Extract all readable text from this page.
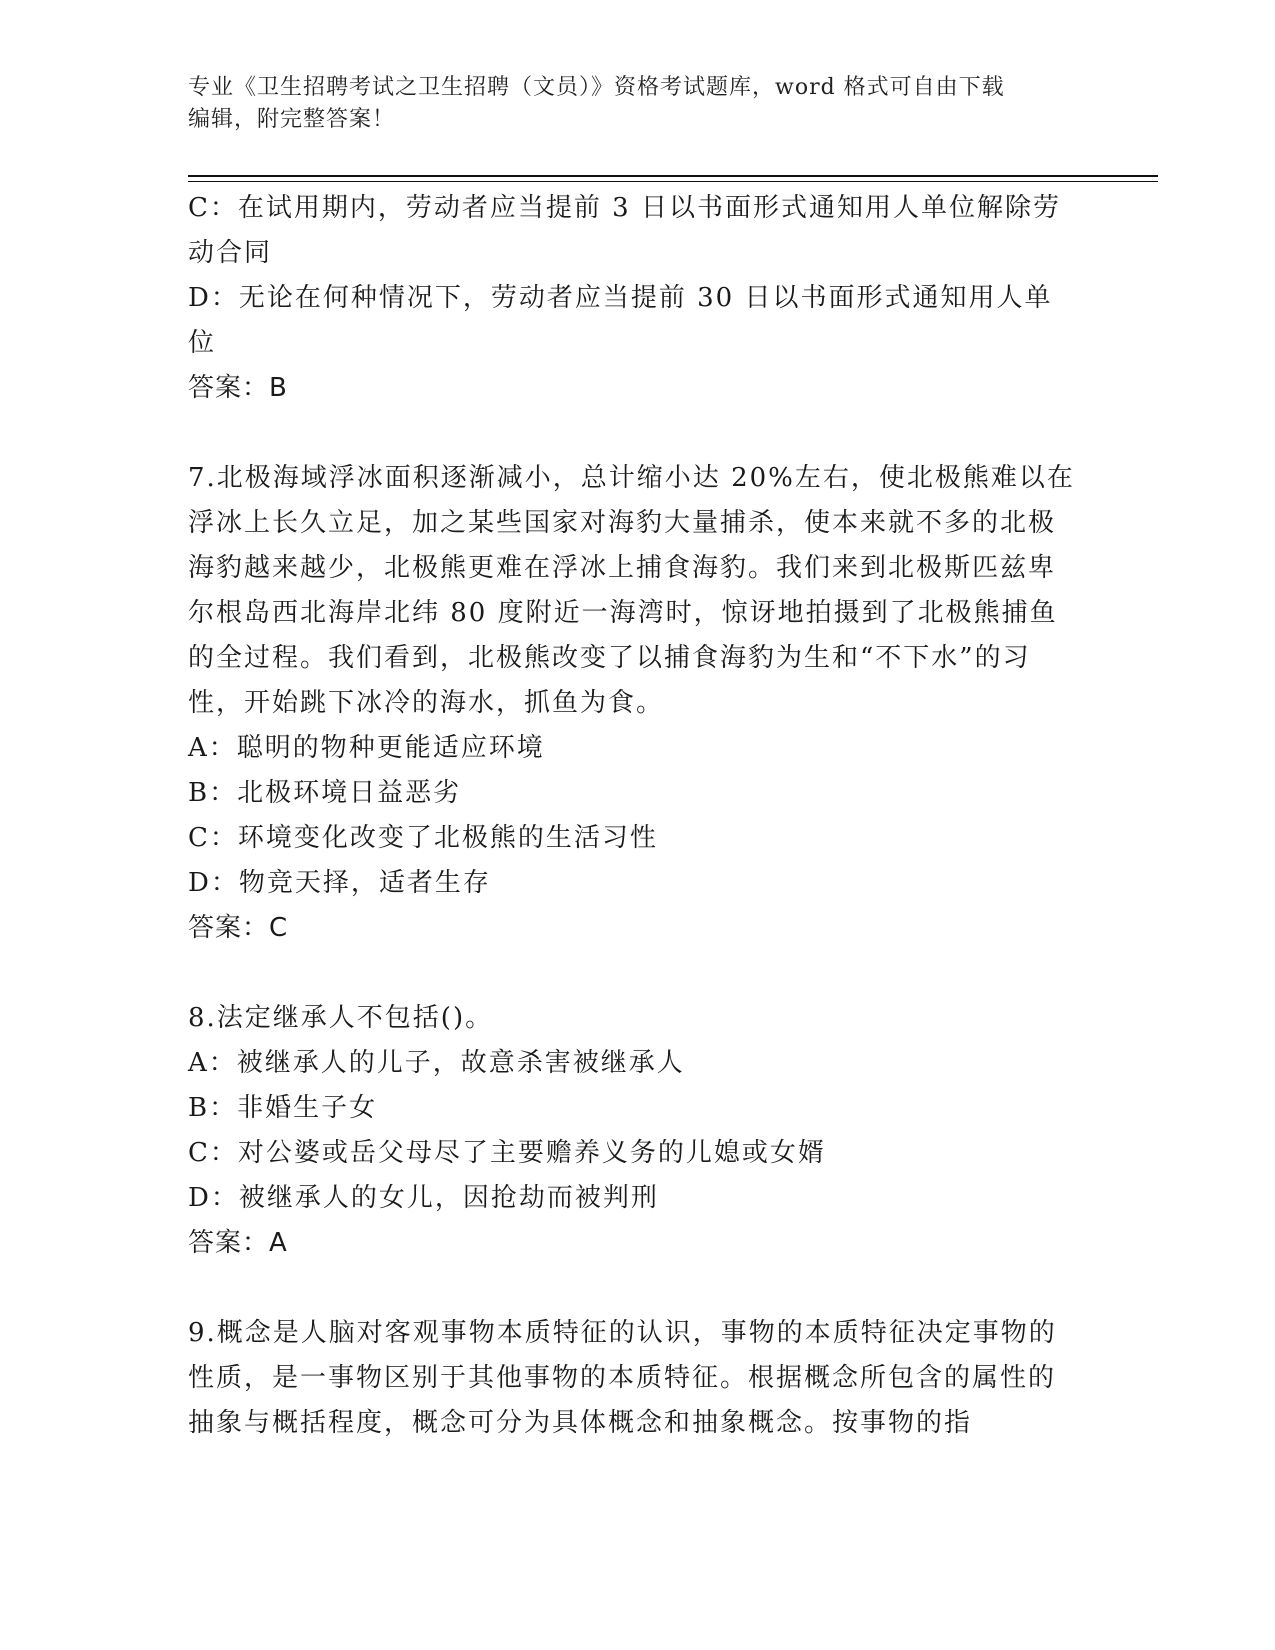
专业《卫生招聘考试之卫生招聘（文员）》资格考试题库，word 格式可自由下载
编辑，附完整答案！

C：在试用期内，劳动者应当提前 3 日以书面形式通知用人单位解除劳动合同

D：无论在何种情况下，劳动者应当提前 30 日以书面形式通知用人单位

答案：B

7.北极海域浮冰面积逐渐减小，总计缩小达 20%左右，使北极熊难以在浮冰上长久立足，加之某些国家对海豹大量捕杀，使本来就不多的北极海豹越来越少，北极熊更难在浮冰上捕食海豹。我们来到北极斯匹兹卑尔根岛西北海岸北纬 80 度附近一海湾时，惊讶地拍摄到了北极熊捕鱼的全过程。我们看到，北极熊改变了以捕食海豹为生和“不下水”的习性，开始跳下冰冷的海水，抓鱼为食。

A：聪明的物种更能适应环境

B：北极环境日益恶劣

C：环境变化改变了北极熊的生活习性

D：物竞天择，适者生存

答案：C

8.法定继承人不包括()。

A：被继承人的儿子，故意杀害被继承人

B：非婚生子女

C：对公婆或岳父母尽了主要赡养义务的儿媳或女婿

D：被继承人的女儿，因抢劫而被判刑

答案：A

9.概念是人脑对客观事物本质特征的认识，事物的本质特征决定事物的性质，是一事物区别于其他事物的本质特征。根据概念所包含的属性的抽象与概括程度，概念可分为具体概念和抽象概念。按事物的指
